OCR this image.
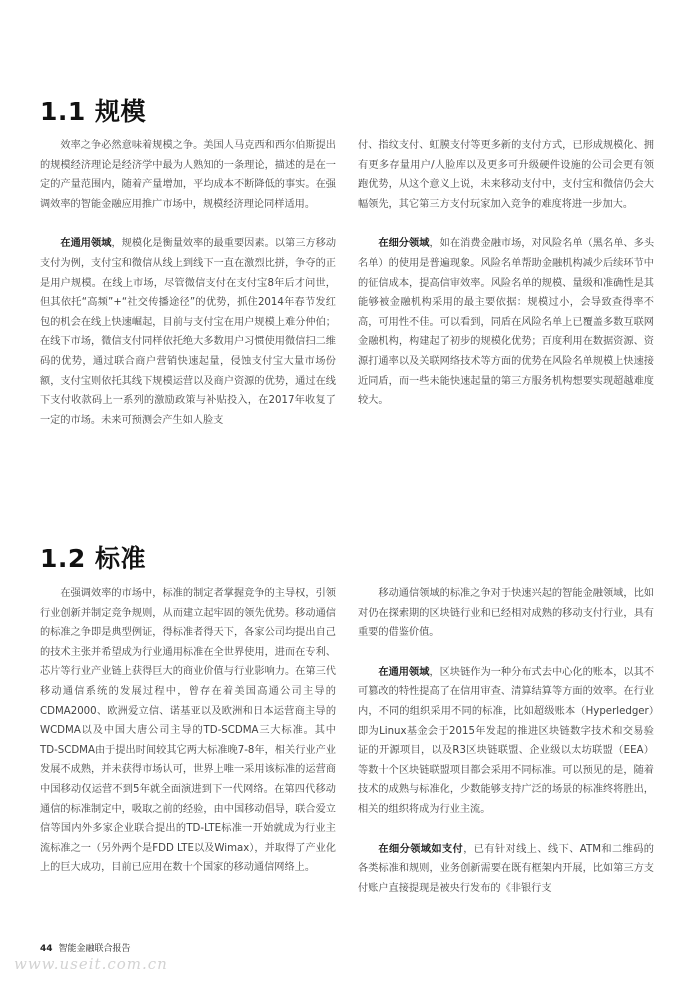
1.1 规模

效率之争必然意味着规模之争。美国人马克西和西尔伯斯提出的规模经济理论是经济学中最为人熟知的一条理论，描述的是在一定的产量范围内，随着产量增加，平均成本不断降低的事实。在强调效率的智能金融应用推广市场中，规模经济理论同样适用。

在通用领域，规模化是衡量效率的最重要因素。以第三方移动支付为例，支付宝和微信从线上到线下一直在激烈比拼，争夺的正是用户规模。在线上市场，尽管微信支付在支付宝8年后才问世，但其依托“高频”+“社交传播途径”的优势，抓住2014年春节发红包的机会在线上快速崛起，目前与支付宝在用户规模上难分仲伯；在线下市场，微信支付同样依托绝大多数用户习惯使用微信扫二维码的优势，通过联合商户营销快速起量，侵蚀支付宝大量市场份额，支付宝则依托其线下规模运营以及商户资源的优势，通过在线下支付收款码上一系列的激励政策与补贴投入，在2017年收复了一定的市场。未来可预测会产生如人脸支

付、指纹支付、虹膜支付等更多新的支付方式，已形成规模化、拥有更多存量用户/人脸库以及更多可升级硬件设施的公司会更有领跑优势，从这个意义上说，未来移动支付中，支付宝和微信仍会大幅领先，其它第三方支付玩家加入竞争的难度将进一步加大。

在细分领域，如在消费金融市场，对风险名单（黑名单、多头名单）的使用是普遍现象。风险名单帮助金融机构减少后续环节中的征信成本，提高信审效率。风险名单的规模、量级和准确性是其能够被金融机构采用的最主要依据：规模过小，会导致查得率不高，可用性不佳。可以看到，同盾在风险名单上已覆盖多数互联网金融机构，构建起了初步的规模化优势；百度利用在数据资源、资源打通率以及关联网络技术等方面的优势在风险名单规模上快速接近同盾，而一些未能快速起量的第三方服务机构想要实现超越难度较大。

1.2 标准

在强调效率的市场中，标准的制定者掌握竞争的主导权，引领行业创新并制定竞争规则，从而建立起牢固的领先优势。移动通信的标准之争即是典型例证，得标准者得天下，各家公司均提出自己的技术主张并希望成为行业通用标准在全世界使用，进而在专利、芯片等行业产业链上获得巨大的商业价值与行业影响力。在第三代移动通信系统的发展过程中，曾存在着美国高通公司主导的CDMA2000、欧洲爱立信、诺基亚以及欧洲和日本运营商主导的WCDMA以及中国大唐公司主导的TD-SCDMA三大标准。其中TD-SCDMA由于提出时间较其它两大标准晚7-8年，相关行业产业发展不成熟，并未获得市场认可，世界上唯一采用该标准的运营商中国移动仅运营不到5年就全面演进到下一代网络。在第四代移动通信的标准制定中，吸取之前的经验，由中国移动倡导，联合爱立信等国内外多家企业联合提出的TD-LTE标准一开始就成为行业主流标准之一（另外两个是FDD LTE以及Wimax），并取得了产业化上的巨大成功，目前已应用在数十个国家的移动通信网络上。

移动通信领域的标准之争对于快速兴起的智能金融领域，比如对仍在探索期的区块链行业和已经相对成熟的移动支付行业，具有重要的借鉴价值。

在通用领域，区块链作为一种分布式去中心化的账本，以其不可篡改的特性提高了在信用审查、清算结算等方面的效率。在行业内，不同的组织采用不同的标准，比如超级账本（Hyperledger）即为Linux基金会于2015年发起的推进区块链数字技术和交易验证的开源项目，以及R3区块链联盟、企业级以太坊联盟（EEA）等数十个区块链联盟项目都会采用不同标准。可以预见的是，随着技术的成熟与标准化，少数能够支持广泛的场景的标准终将胜出，相关的组织将成为行业主流。

在细分领域如支付，已有针对线上、线下、ATM和二维码的各类标准和规则，业务创新需要在既有框架内开展，比如第三方支付账户直接提现是被央行发布的《非银行支

44 智能金融联合报告
www.useit.com.cn
